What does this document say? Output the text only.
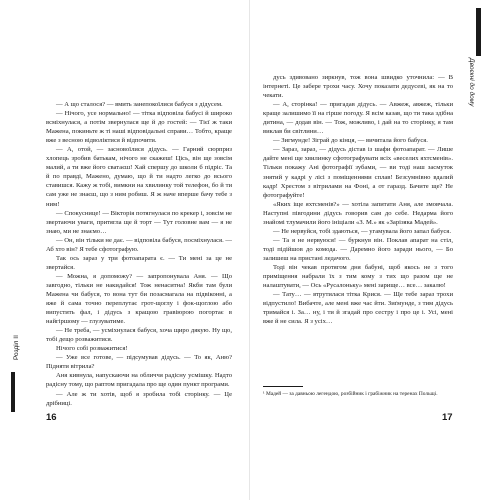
Розділ ІІ

— А що сталося? — вмить занепокоїлися бабуся з дідусем.

— Нічого, усе нормально! — тітка відповіла бабусі й широко всміхнулася, а потім звернулася ще й до гостей: — Тієї ж таки Мажена, покиньте ж ті наші відповідальні справи… Тобто, краще вже з весною відволіктися й відпочити.

— А, отой, — засновоїлися дідусь. — Гарний сюрприз хлопець зробив батькам, нічого не скажеш! Цісь, він ще зовсім малий, а ти вже його сватаєш! Хай спершу до школи б підріс. Та й по правді, Мажено, думаю, що й ти надто легко до всього ставишся. Кажу ж тобі, вимкни на хвилинку той телефон, бо й ти сам уже не знаєш, що з ним робиш. Я ж наче вперше бачу тебе з ним!

— Спокуснице! — Вікторія потягнулася по крекер і, зовсім не звертаючи уваги, притягла ще й торт — Тут головне вам — я не знаю, ми не знаємо…

— Он, він тільки не дає. — відповіла бабуся, посміхнулася. — Аб хто він? Я тебе сфотографую.

Так ось зараз у три фотоапарата є. — Ти мені за це не звертайся.

— Можна, я допоможу? — запропонувала Аня. — Що завгодно, тільки не накидайся! Тож ненаситна! Якби там були Мажена чи бабуся, то вона тут би позасмагала на підвіконні, а яже й сама точно переплутає грот-щоглу і фок-щоглою або випустить фал, і дідусь з кращою гравіюрою погортає в найгіршому — глузуватиме.

— Не треба, — усміхнулася бабуся, хоча щиро дякую. Ну що, тобі дещо розважитися.

Нічого собі розважитися!

— Уже все готове, — підсумував дідусь. — То як, Аню? Підняти вітрила?

Аня кивнула, напускаючи на обличчя радісну усмішку. Надто радісну тому, що раптом пригадала про ще один пункт програми.

— Але ж ти хотів, щоб я зробила тобі сторінку. — Це дрібниці.

16

дусь здивовано зиркнув, тож вона швидко уточнила: — В інтернеті. Це забере трохи часу. Хочу показати дедусеві, як на то чекати.

— А, сторінка! — пригадав дідусь. — Авжеж, авжеж, тільки краще залишимо її на гірше погоду. Я всім казав, що ти така здібна дитина, — додав він. — Тож, можливо, і дай на то сторінку, я там виклав би світлини…

— Зигмунде! Зіграй до кінця, — вичитала його бабуся.

— Зараз, зараз, — дідусь дістав із шафи фотоапарат. — Лише дайте мені ще хвилинку сфотографувати всіх «веселих яхтсменів». Тільки покажу Ані фотографії зубами, — ви тоді наш засмуток знятий у кадрі у лісі з поміщеннями сплав! Безсумнівно вдалий кадр! Хрестом з вітрилами на Фоні, а от гаразд. Бачите ще? Не фотографуйте!

«Яких іще яхтсменів?» — хотіла запитати Аня, але змовчала. Наступні півгодини дідусь говорив сам до себе. Недарма його знайомі тлумачили його ініціали «З. М.» як «Зарізяка Мадей».

— Не нервуйся, тобі здаються, — угамувала його запал бабуся.

— Та я не нервуюся! — буркнув він. Поклав апарат на стіл, тоді підійшов до комода. — Даремно його заради нього, — Бо залишеш на пристані ледачого.

Тоді він чекав протягом дня бабуні, щоб якось не з того приміщення набрали їх з тим кому з тих що разом ще не налаштувати, — Ось «Русалоньку» мені зарище… все… закалю!

— Тату… — втрутилася тітка Крися. — Ще тебе зараз трохи відпустило! Вибачте, але мені вже час йти. Зиґмунде, з тим дідусь тримайся і. За… ну, і ти й згадай про сестру і про це і. Усі, мені вже й не сила. Я з усіх…

Двоєкні до дому
¹ Мадей — за давньою легендою, розбійник і грабіжник на теренах Польщі.
17
